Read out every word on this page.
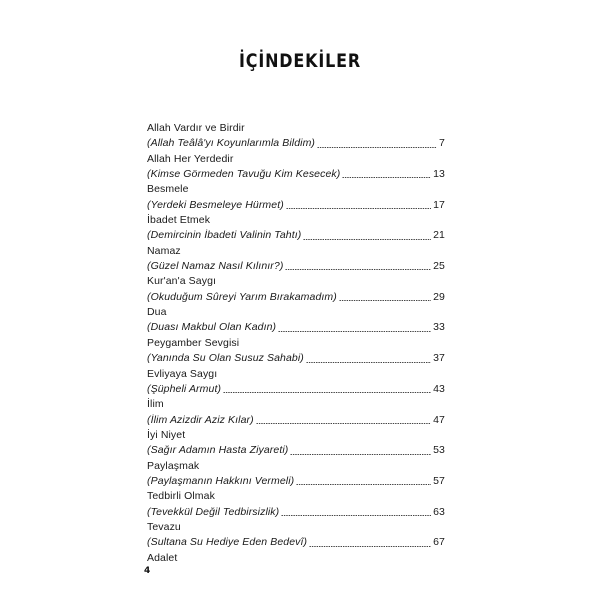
İÇİNDEKİLER
Allah Vardır ve Birdir
(Allah Teâlâ'yı Koyunlarımla Bildim)	7
Allah Her Yerdedir
(Kimse Görmeden Tavuğu Kim Kesecek)	13
Besmele
(Yerdeki Besmeleye Hürmet)	17
İbadet Etmek
(Demircinin İbadeti Valinin Tahtı)	21
Namaz
(Güzel Namaz Nasıl Kılınır?)	25
Kur'an'a Saygı
(Okuduğum Sûreyi Yarım Bırakamadım)	29
Dua
(Duası Makbul Olan Kadın)	33
Peygamber Sevgisi
(Yanında Su Olan Susuz Sahabi)	37
Evliyaya Saygı
(Şüpheli Armut)	43
İlim
(İlim Azizdir Aziz Kılar)	47
İyi Niyet
(Sağır Adamın Hasta Ziyareti)	53
Paylaşmak
(Paylaşmanın Hakkını Vermeli)	57
Tedbirli Olmak
(Tevekkül Değil Tedbirsizlik)	63
Tevazu
(Sultana Su Hediye Eden Bedevî)	67
Adalet
4
